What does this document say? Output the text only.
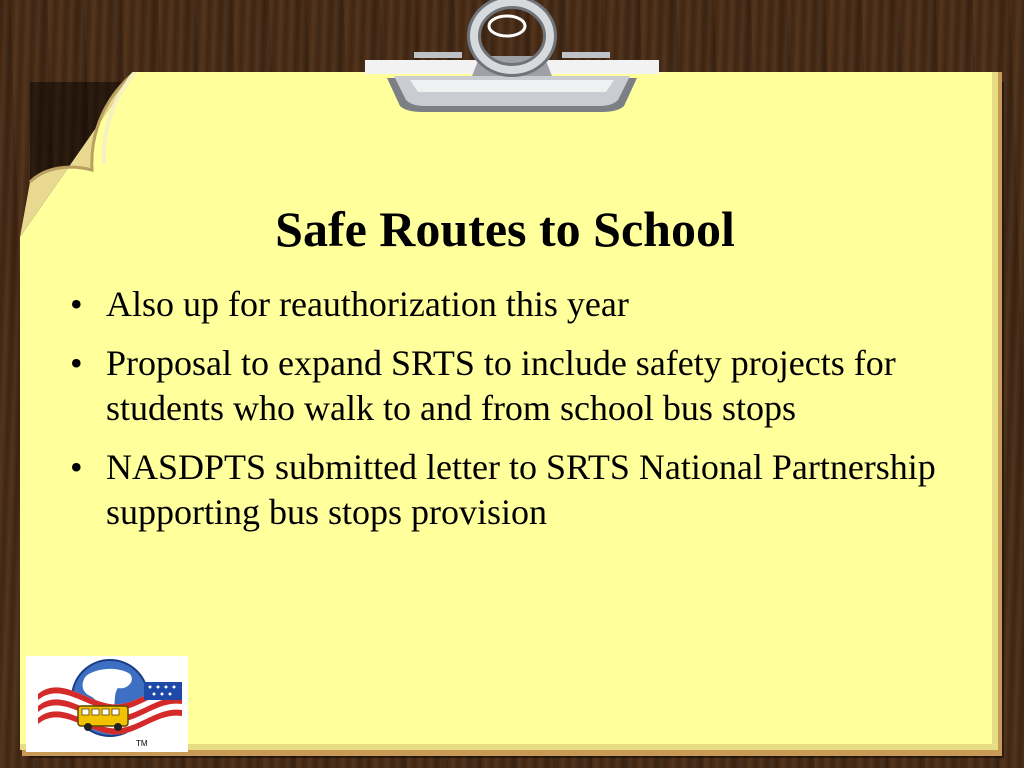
Safe Routes to School
• Also up for reauthorization this year
• Proposal to expand SRTS to include safety projects for students who walk to and from school bus stops
• NASDPTS submitted letter to SRTS National Partnership supporting bus stops provision
TM
